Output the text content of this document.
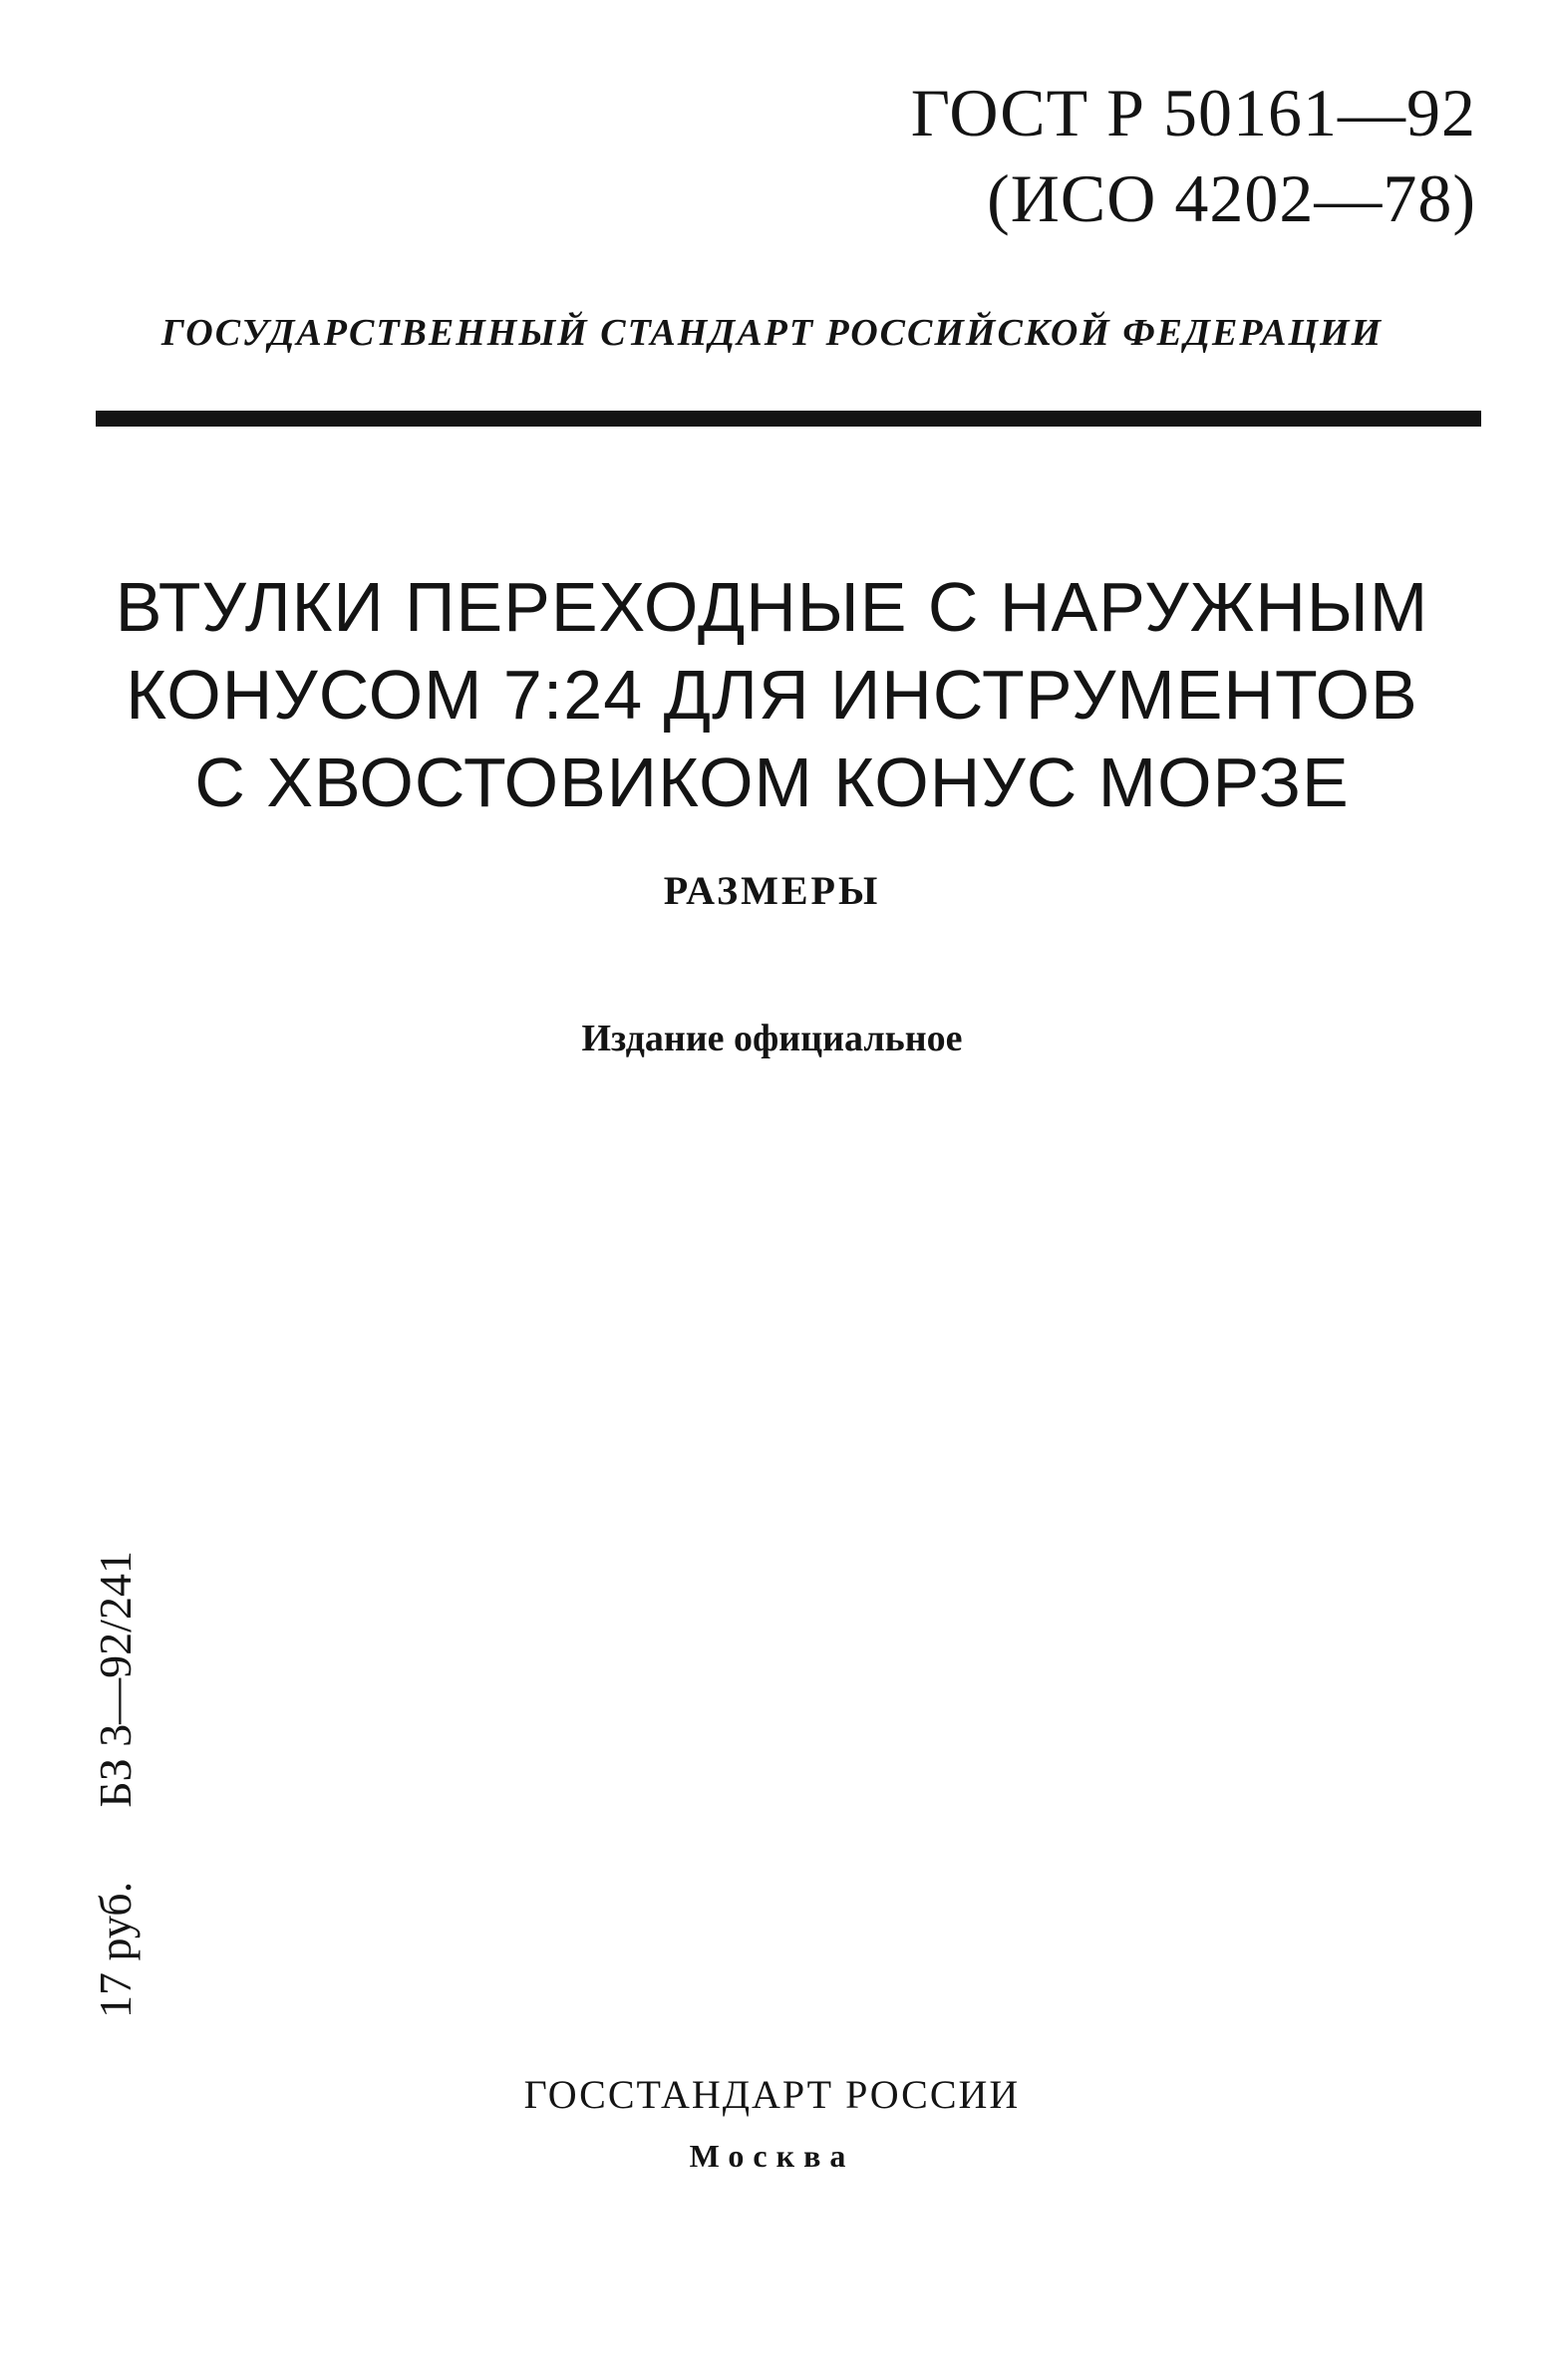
ГОСТ Р 50161—92
(ИСО 4202—78)
ГОСУДАРСТВЕННЫЙ СТАНДАРТ РОССИЙСКОЙ ФЕДЕРАЦИИ
ВТУЛКИ ПЕРЕХОДНЫЕ С НАРУЖНЫМ
КОНУСОМ 7:24 ДЛЯ ИНСТРУМЕНТОВ
С ХВОСТОВИКОМ КОНУС МОРЗЕ
РАЗМЕРЫ
Издание официальное
17 руб.БЗ 3—92/241
ГОССТАНДАРТ РОССИИ
Москва
